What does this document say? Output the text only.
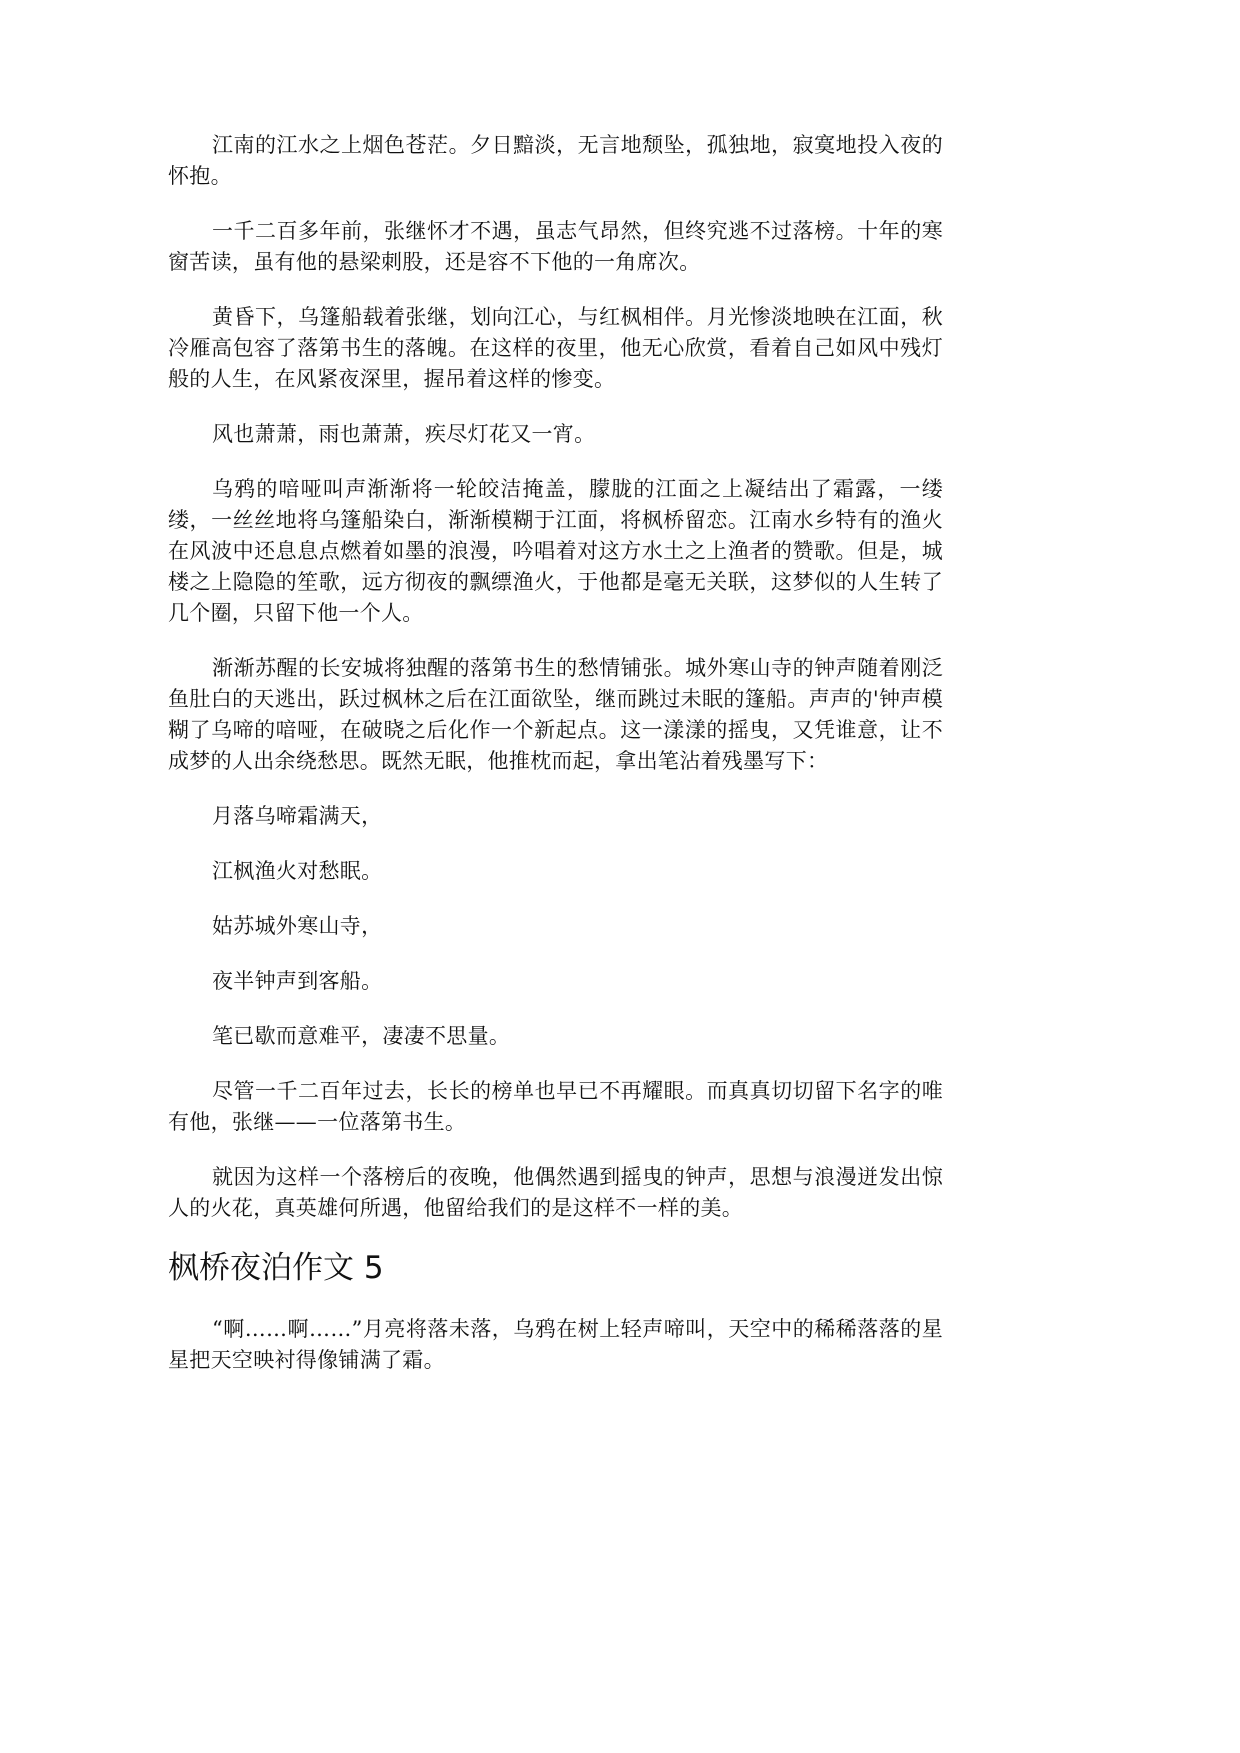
江南的江水之上烟色苍茫。夕日黯淡，无言地颓坠，孤独地，寂寞地投入夜的怀抱。

一千二百多年前，张继怀才不遇，虽志气昂然，但终究逃不过落榜。十年的寒窗苦读，虽有他的悬梁刺股，还是容不下他的一角席次。

黄昏下，乌篷船载着张继，划向江心，与红枫相伴。月光惨淡地映在江面，秋冷雁高包容了落第书生的落魄。在这样的夜里，他无心欣赏，看着自己如风中残灯般的人生，在风紧夜深里，握吊着这样的惨变。

风也萧萧，雨也萧萧，疾尽灯花又一宵。

乌鸦的喑哑叫声渐渐将一轮皎洁掩盖，朦胧的江面之上凝结出了霜露，一缕缕，一丝丝地将乌篷船染白，渐渐模糊于江面，将枫桥留恋。江南水乡特有的渔火在风波中还息息点燃着如墨的浪漫，吟唱着对这方水土之上渔者的赞歌。但是，城楼之上隐隐的笙歌，远方彻夜的飘缥渔火，于他都是毫无关联，这梦似的人生转了几个圈，只留下他一个人。

渐渐苏醒的长安城将独醒的落第书生的愁情铺张。城外寒山寺的钟声随着刚泛鱼肚白的天逃出，跃过枫林之后在江面欲坠，继而跳过未眠的篷船。声声的'钟声模糊了乌啼的喑哑，在破晓之后化作一个新起点。这一漾漾的摇曳，又凭谁意，让不成梦的人出余绕愁思。既然无眠，他推枕而起，拿出笔沾着残墨写下：

月落乌啼霜满天，

江枫渔火对愁眠。

姑苏城外寒山寺，

夜半钟声到客船。

笔已歇而意难平，凄凄不思量。

尽管一千二百年过去，长长的榜单也早已不再耀眼。而真真切切留下名字的唯有他，张继——一位落第书生。

就因为这样一个落榜后的夜晚，他偶然遇到摇曳的钟声，思想与浪漫迸发出惊人的火花，真英雄何所遇，他留给我们的是这样不一样的美。

枫桥夜泊作文 5

“啊……啊……”月亮将落未落，乌鸦在树上轻声啼叫，天空中的稀稀落落的星星把天空映衬得像铺满了霜。
